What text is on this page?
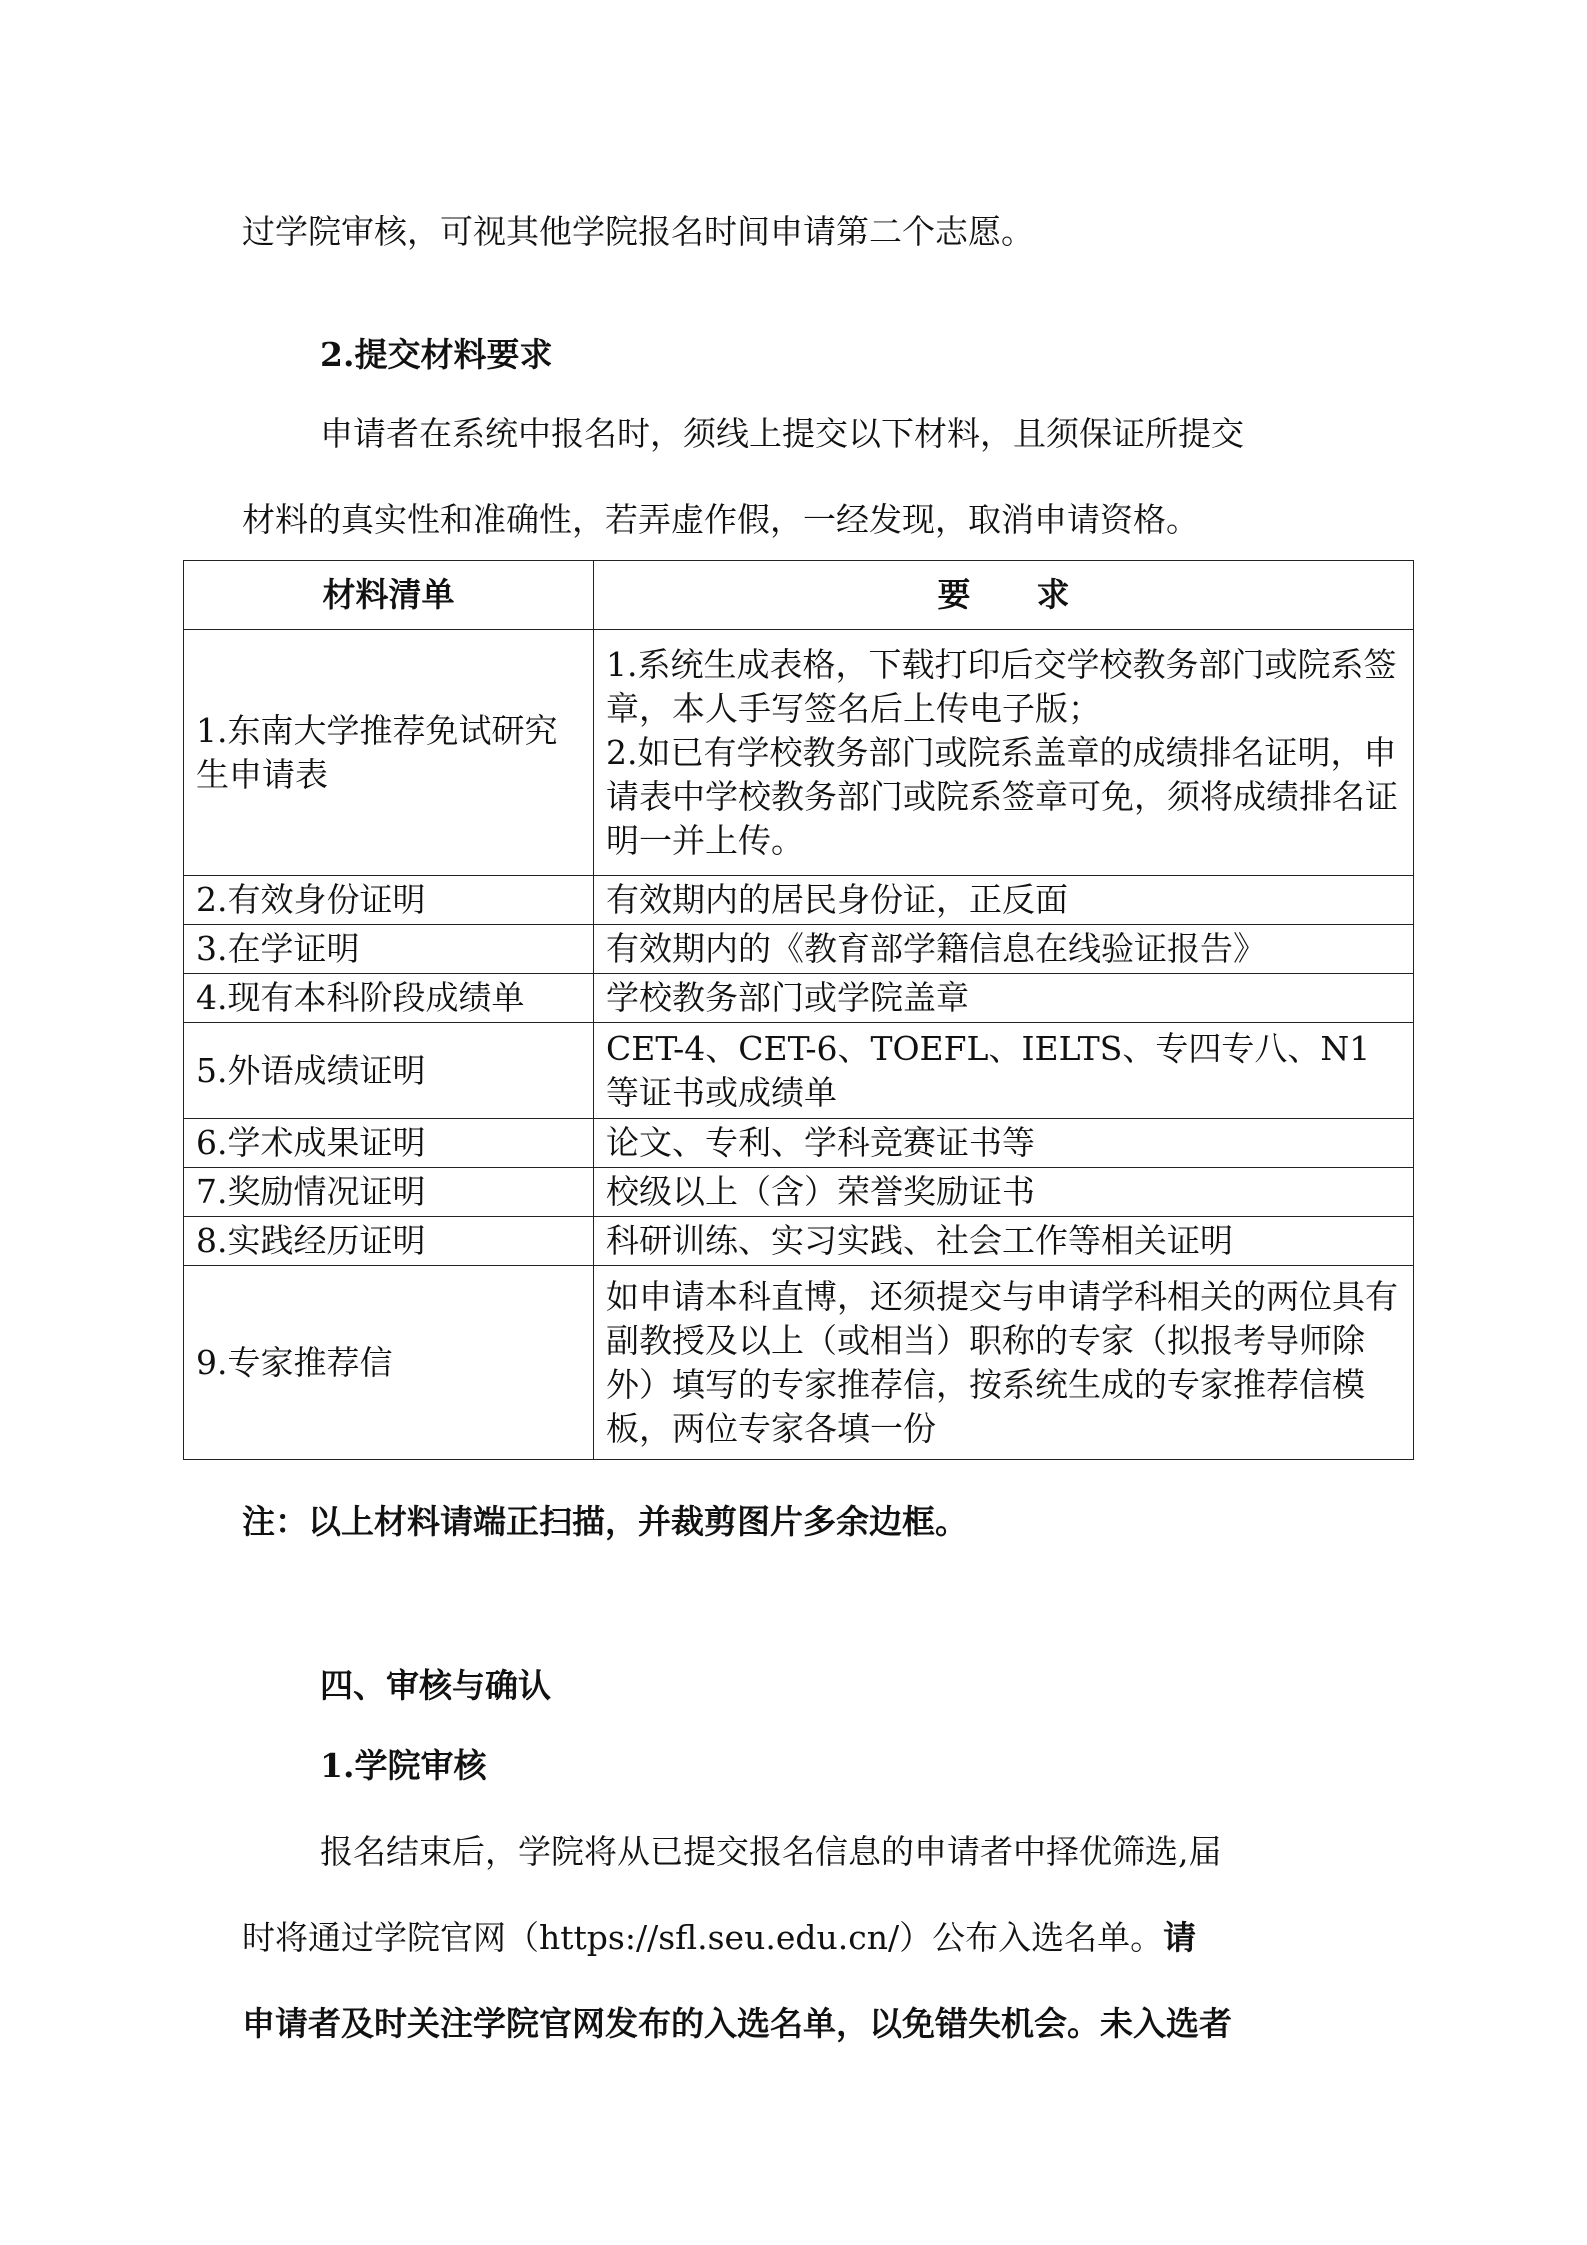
过学院审核，可视其他学院报名时间申请第二个志愿。
2.提交材料要求
申请者在系统中报名时，须线上提交以下材料，且须保证所提交
材料的真实性和准确性，若弄虚作假，一经发现，取消申请资格。
材料清单	要　　求
1.东南大学推荐免试研究生申请表	1.系统生成表格，下载打印后交学校教务部门或院系签章，本人手写签名后上传电子版；
2.如已有学校教务部门或院系盖章的成绩排名证明，申请表中学校教务部门或院系签章可免，须将成绩排名证明一并上传。
2.有效身份证明	有效期内的居民身份证，正反面
3.在学证明	有效期内的《教育部学籍信息在线验证报告》
4.现有本科阶段成绩单	学校教务部门或学院盖章
5.外语成绩证明	CET-4、CET-6、TOEFL、IELTS、专四专八、N1等证书或成绩单
6.学术成果证明	论文、专利、学科竞赛证书等
7.奖励情况证明	校级以上（含）荣誉奖励证书
8.实践经历证明	科研训练、实习实践、社会工作等相关证明
9.专家推荐信	如申请本科直博，还须提交与申请学科相关的两位具有副教授及以上（或相当）职称的专家（拟报考导师除外）填写的专家推荐信，按系统生成的专家推荐信模板，两位专家各填一份
注：以上材料请端正扫描，并裁剪图片多余边框。
四、审核与确认
1.学院审核
报名结束后，学院将从已提交报名信息的申请者中择优筛选,届
时将通过学院官网（https://sfl.seu.edu.cn/）公布入选名单。请
申请者及时关注学院官网发布的入选名单，以免错失机会。未入选者
